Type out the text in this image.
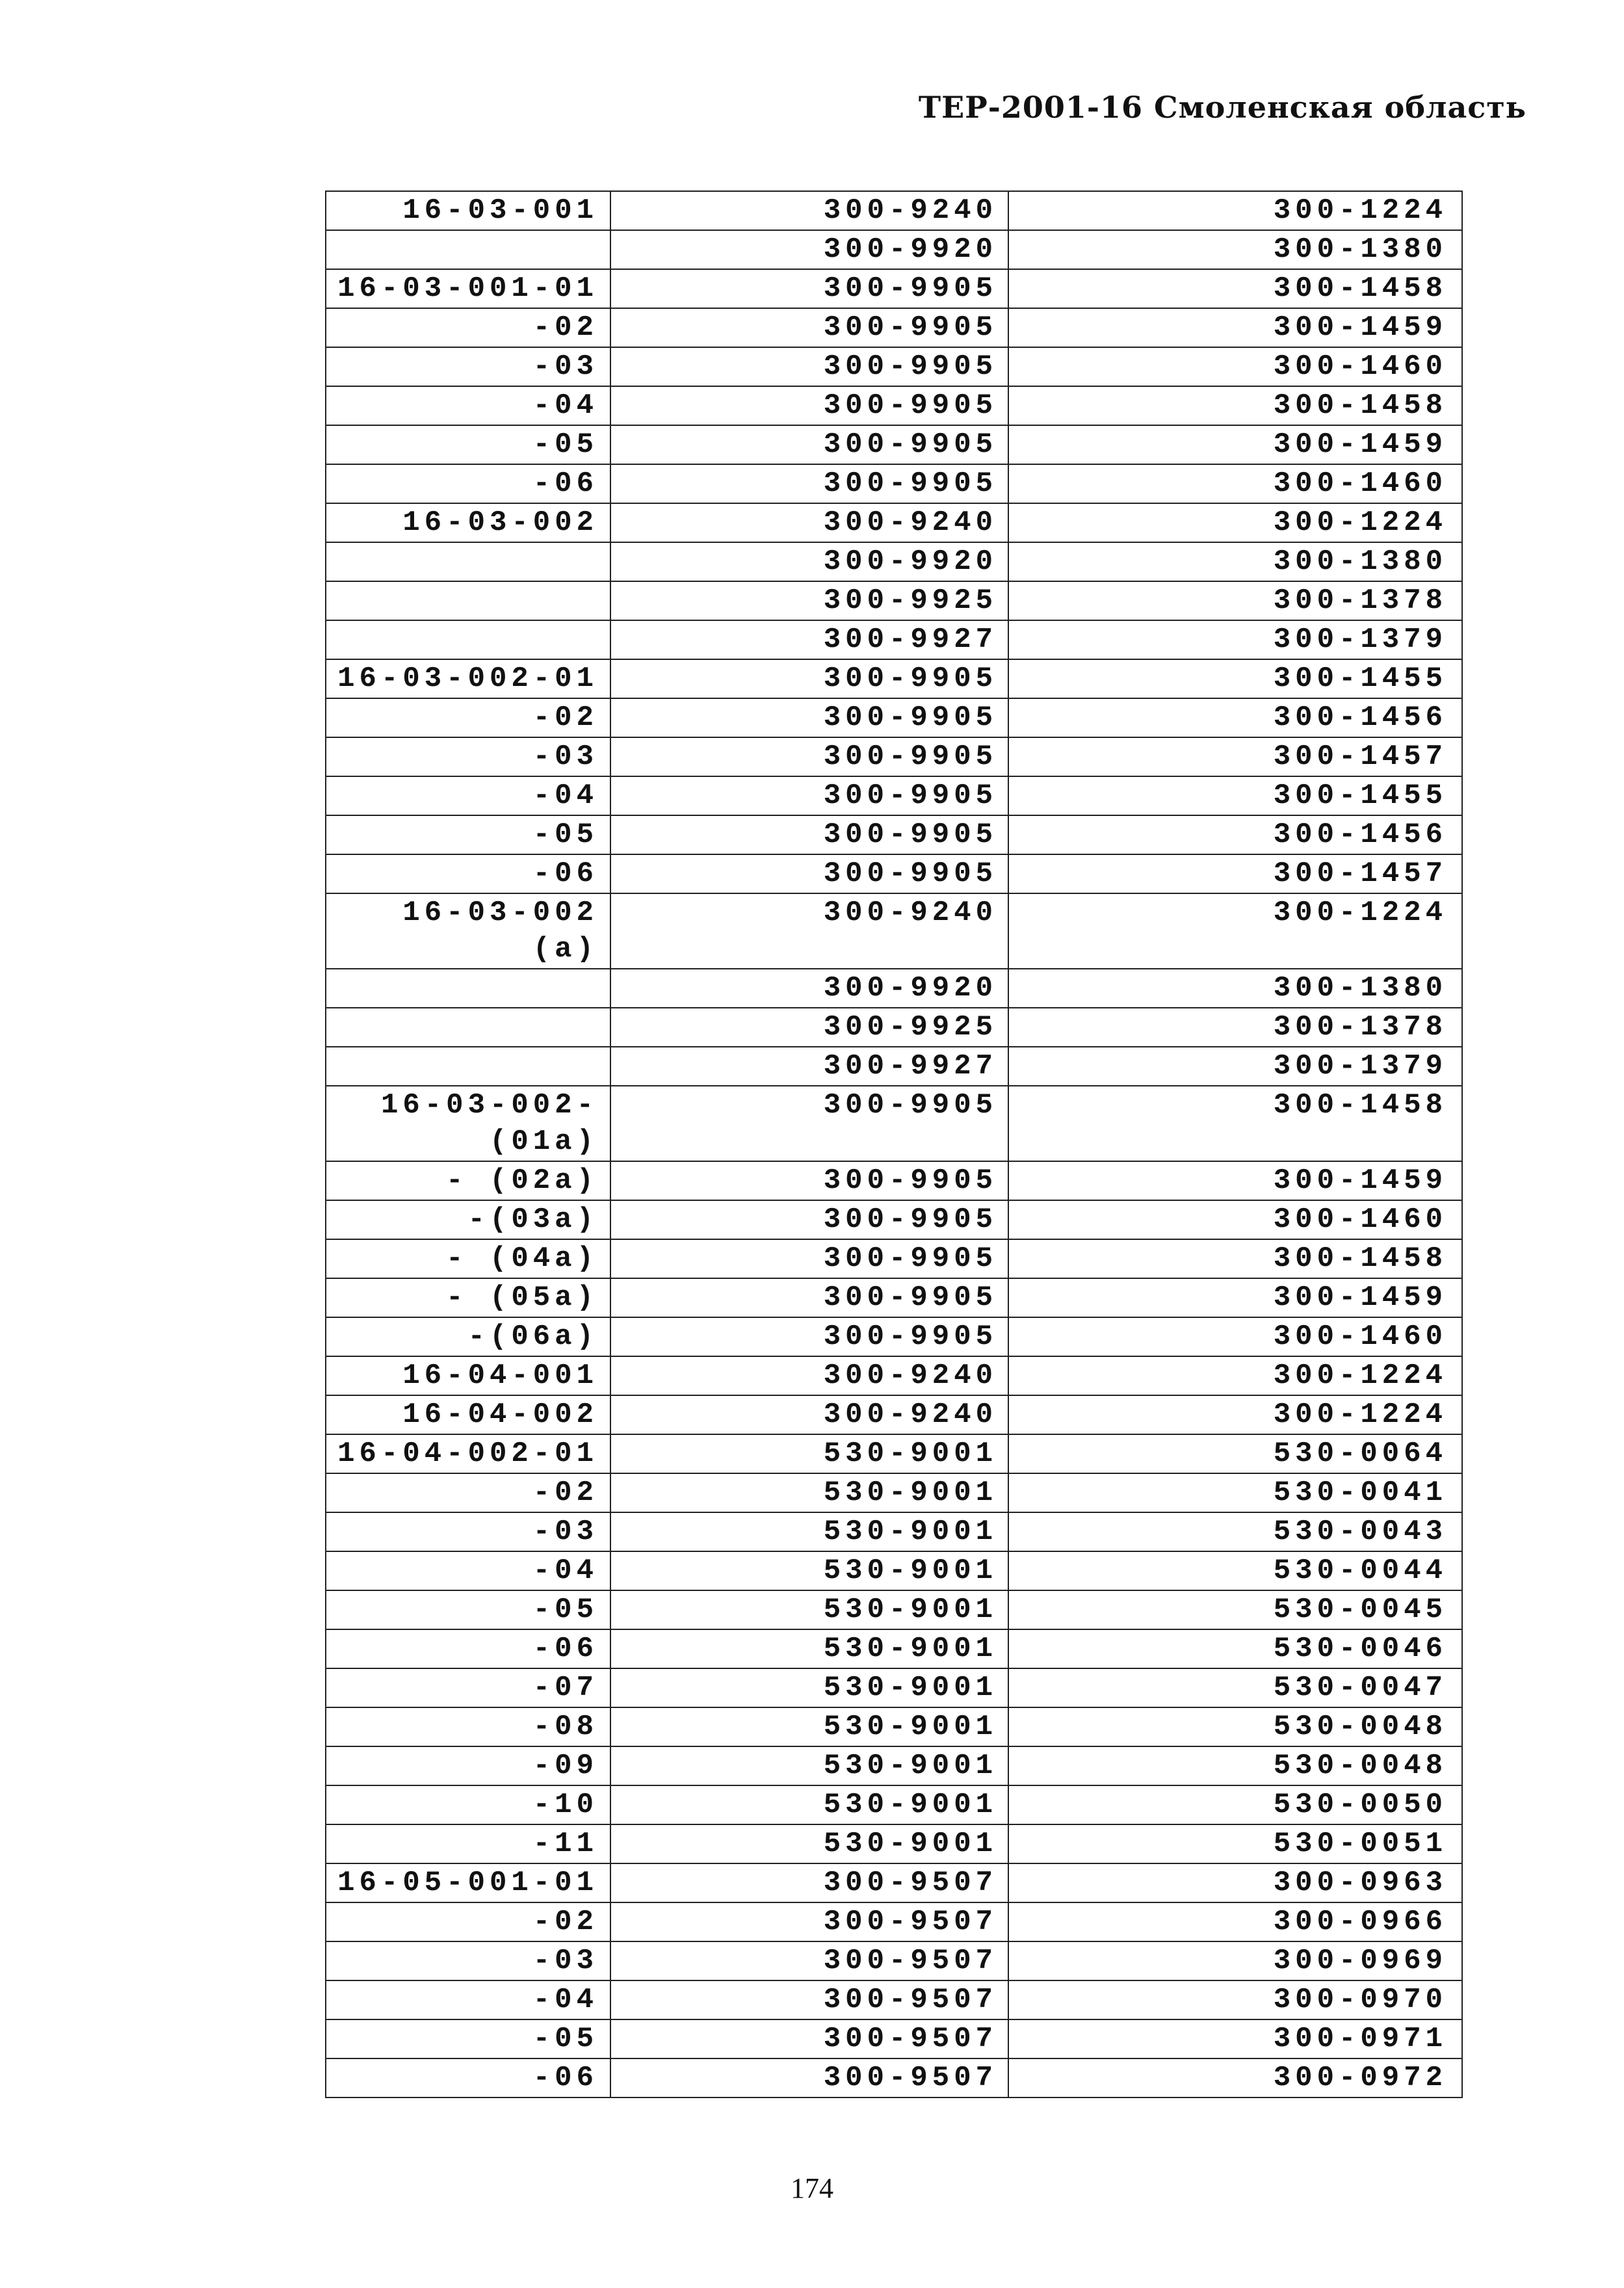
ТЕР-2001-16 Смоленская область
16-03-001	300-9240	300-1224
	300-9920	300-1380
16-03-001-01	300-9905	300-1458
-02	300-9905	300-1459
-03	300-9905	300-1460
-04	300-9905	300-1458
-05	300-9905	300-1459
-06	300-9905	300-1460
16-03-002	300-9240	300-1224
	300-9920	300-1380
	300-9925	300-1378
	300-9927	300-1379
16-03-002-01	300-9905	300-1455
-02	300-9905	300-1456
-03	300-9905	300-1457
-04	300-9905	300-1455
-05	300-9905	300-1456
-06	300-9905	300-1457
16-03-002
(a)	300-9240	300-1224
	300-9920	300-1380
	300-9925	300-1378
	300-9927	300-1379
16-03-002-
(01a)	300-9905	300-1458
- (02a)	300-9905	300-1459
-(03a)	300-9905	300-1460
- (04a)	300-9905	300-1458
- (05a)	300-9905	300-1459
-(06a)	300-9905	300-1460
16-04-001	300-9240	300-1224
16-04-002	300-9240	300-1224
16-04-002-01	530-9001	530-0064
-02	530-9001	530-0041
-03	530-9001	530-0043
-04	530-9001	530-0044
-05	530-9001	530-0045
-06	530-9001	530-0046
-07	530-9001	530-0047
-08	530-9001	530-0048
-09	530-9001	530-0048
-10	530-9001	530-0050
-11	530-9001	530-0051
16-05-001-01	300-9507	300-0963
-02	300-9507	300-0966
-03	300-9507	300-0969
-04	300-9507	300-0970
-05	300-9507	300-0971
-06	300-9507	300-0972
174
